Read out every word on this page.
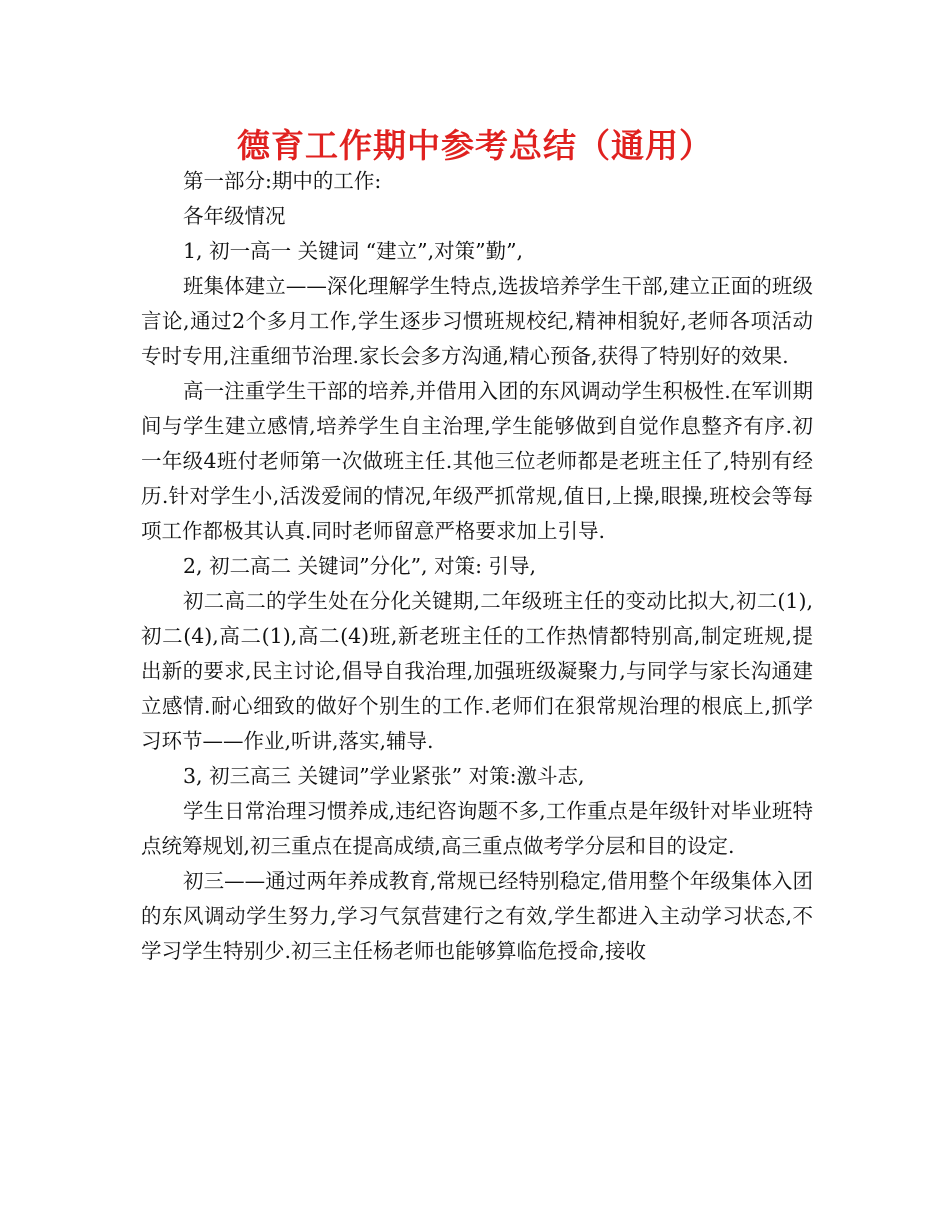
德育工作期中参考总结（通用）

第一部分:期中的工作:

各年级情况

1, 初一高一 关键词 “建立”,对策”勤”,

班集体建立——深化理解学生特点,选拔培养学生干部,建立正面的班级言论,通过2个多月工作,学生逐步习惯班规校纪,精神相貌好,老师各项活动专时专用,注重细节治理.家长会多方沟通,精心预备,获得了特别好的效果.

高一注重学生干部的培养,并借用入团的东风调动学生积极性.在军训期间与学生建立感情,培养学生自主治理,学生能够做到自觉作息整齐有序.初一年级4班付老师第一次做班主任.其他三位老师都是老班主任了,特别有经历.针对学生小,活泼爱闹的情况,年级严抓常规,值日,上操,眼操,班校会等每项工作都极其认真.同时老师留意严格要求加上引导.

2, 初二高二 关键词”分化”, 对策: 引导,

初二高二的学生处在分化关键期,二年级班主任的变动比拟大,初二(1),初二(4),高二(1),高二(4)班,新老班主任的工作热情都特别高,制定班规,提出新的要求,民主讨论,倡导自我治理,加强班级凝聚力,与同学与家长沟通建立感情.耐心细致的做好个别生的工作.老师们在狠常规治理的根底上,抓学习环节——作业,听讲,落实,辅导.

3, 初三高三 关键词”学业紧张” 对策:激斗志,

学生日常治理习惯养成,违纪咨询题不多,工作重点是年级针对毕业班特点统筹规划,初三重点在提高成绩,高三重点做考学分层和目的设定.

初三——通过两年养成教育,常规已经特别稳定,借用整个年级集体入团的东风调动学生努力,学习气氛营建行之有效,学生都进入主动学习状态,不学习学生特别少.初三主任杨老师也能够算临危授命,接收
